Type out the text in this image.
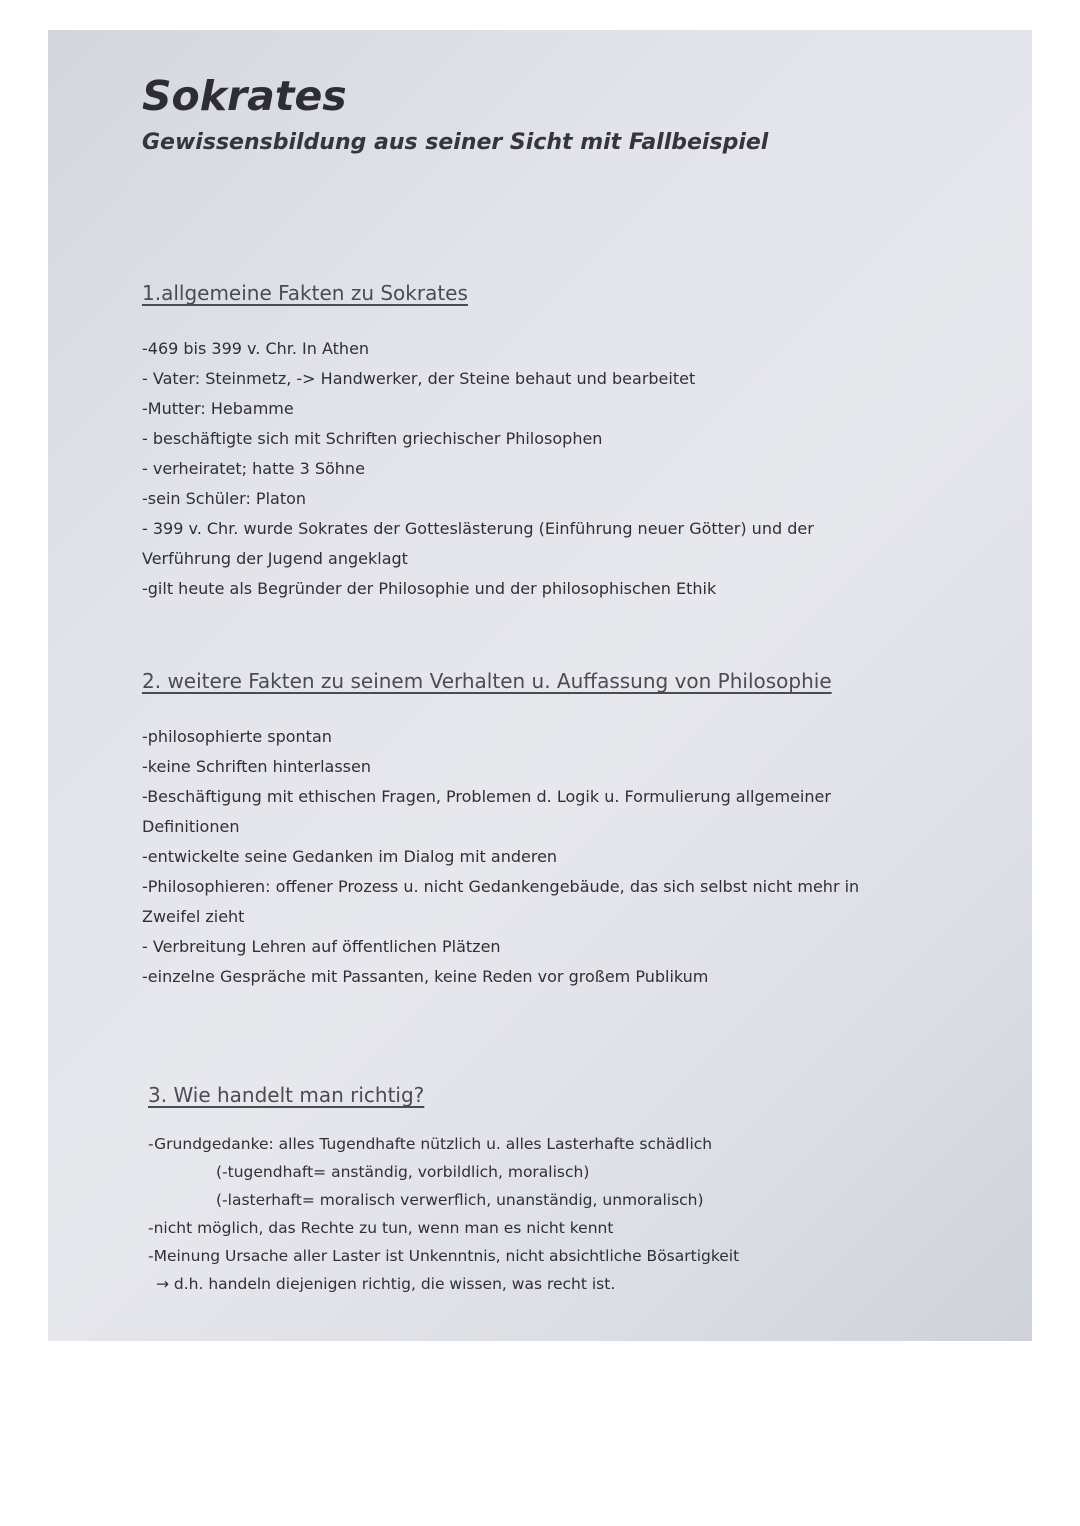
Sokrates
Gewissensbildung aus seiner Sicht mit Fallbeispiel
1.allgemeine Fakten zu Sokrates
-469 bis 399 v. Chr. In Athen
- Vater: Steinmetz, -> Handwerker, der Steine behaut und bearbeitet
-Mutter: Hebamme
- beschäftigte sich mit Schriften griechischer Philosophen
- verheiratet; hatte 3 Söhne
-sein Schüler: Platon
- 399 v. Chr. wurde Sokrates der Gotteslästerung (Einführung neuer Götter) und der
Verführung der Jugend angeklagt
-gilt heute als Begründer der Philosophie und der philosophischen Ethik
2. weitere Fakten zu seinem Verhalten u. Auffassung von Philosophie
-philosophierte spontan
-keine Schriften hinterlassen
-Beschäftigung mit ethischen Fragen, Problemen d. Logik u. Formulierung allgemeiner
Definitionen
-entwickelte seine Gedanken im Dialog mit anderen
-Philosophieren: offener Prozess u. nicht Gedankengebäude, das sich selbst nicht mehr in
Zweifel zieht
- Verbreitung Lehren auf öffentlichen Plätzen
-einzelne Gespräche mit Passanten, keine Reden vor großem Publikum
3. Wie handelt man richtig?
-Grundgedanke: alles Tugendhafte nützlich u. alles Lasterhafte schädlich
(-tugendhaft= anständig, vorbildlich, moralisch)
(-lasterhaft= moralisch verwerflich, unanständig, unmoralisch)
-nicht möglich, das Rechte zu tun, wenn man es nicht kennt
-Meinung Ursache aller Laster ist Unkenntnis, nicht absichtliche Bösartigkeit
→ d.h. handeln diejenigen richtig, die wissen, was recht ist.
